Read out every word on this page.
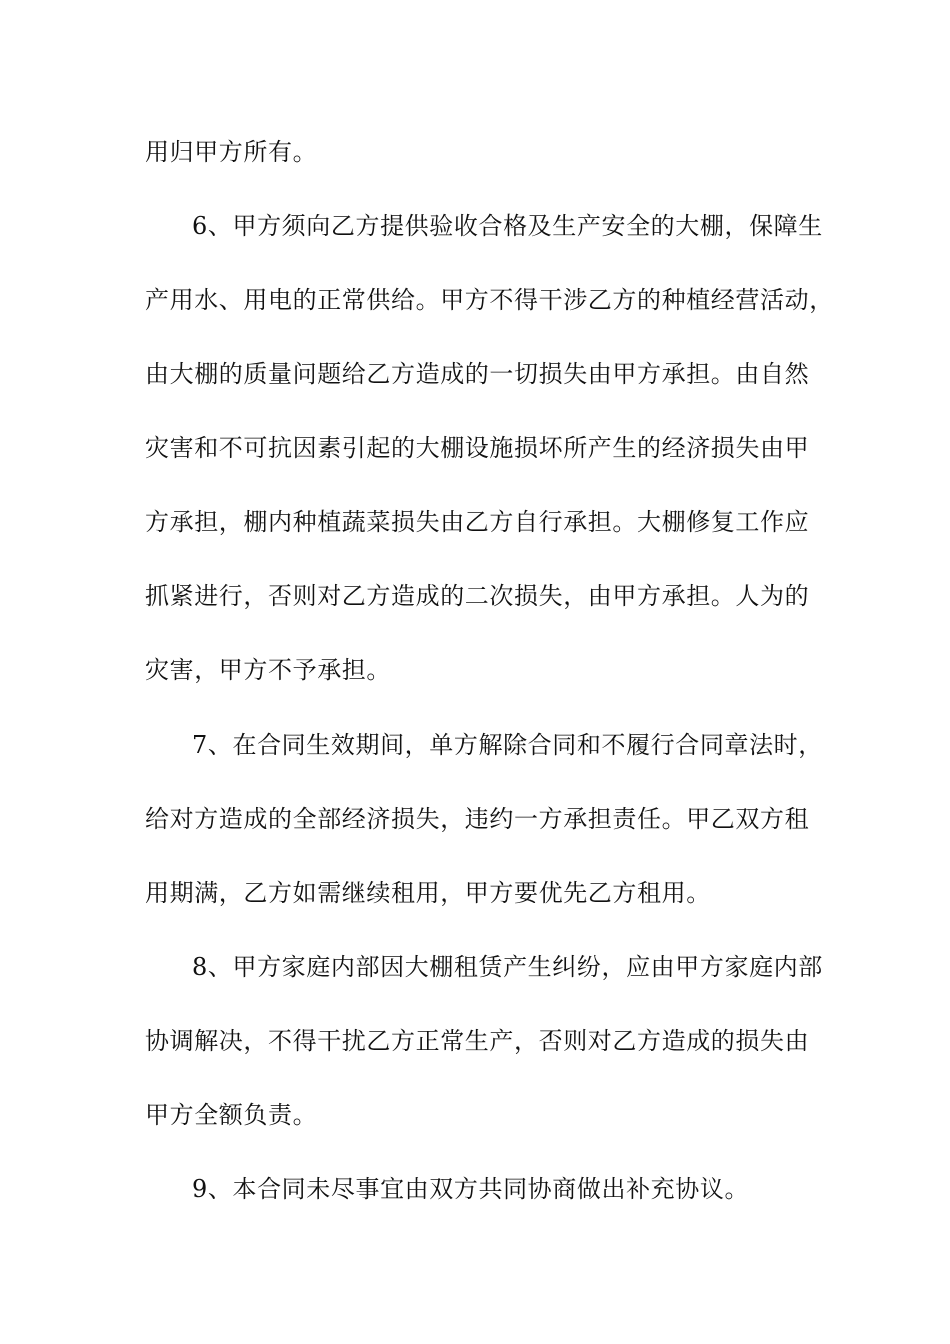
用归甲方所有。
6、甲方须向乙方提供验收合格及生产安全的大棚，保障生
产用水、用电的正常供给。甲方不得干涉乙方的种植经营活动，
由大棚的质量问题给乙方造成的一切损失由甲方承担。由自然
灾害和不可抗因素引起的大棚设施损坏所产生的经济损失由甲
方承担，棚内种植蔬菜损失由乙方自行承担。大棚修复工作应
抓紧进行，否则对乙方造成的二次损失，由甲方承担。人为的
灾害，甲方不予承担。
7、在合同生效期间，单方解除合同和不履行合同章法时，
给对方造成的全部经济损失，违约一方承担责任。甲乙双方租
用期满，乙方如需继续租用，甲方要优先乙方租用。
8、甲方家庭内部因大棚租赁产生纠纷，应由甲方家庭内部
协调解决，不得干扰乙方正常生产，否则对乙方造成的损失由
甲方全额负责。
9、本合同未尽事宜由双方共同协商做出补充协议。
